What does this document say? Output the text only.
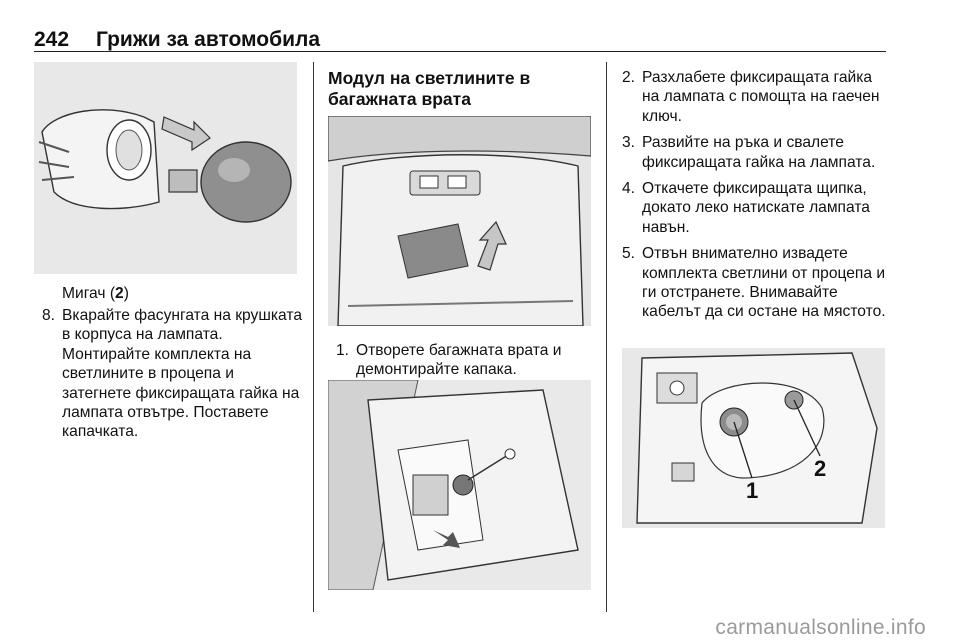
242 Грижи за автомобила
Мигач (2)
8. Вкарайте фасунгата на крушката в корпуса на лампата. Монтирайте комплекта на светлините в процепа и затегнете фиксиращата гайка на лампата отвътре. Поставете капачката.
Модул на светлините в багажната врата
1. Отворете багажната врата и демонтирайте капака.
2. Разхлабете фиксиращата гайка на лампата с помощта на гаечен ключ.
3. Развийте на ръка и свалете фиксиращата гайка на лампата.
4. Откачете фиксиращата щипка, докато леко натискате лампата навън.
5. Отвън внимателно извадете комплекта светлини от процепа и ги отстранете. Внимавайте кабелът да си остане на мястото.
1
2
carmanualsonline.info
